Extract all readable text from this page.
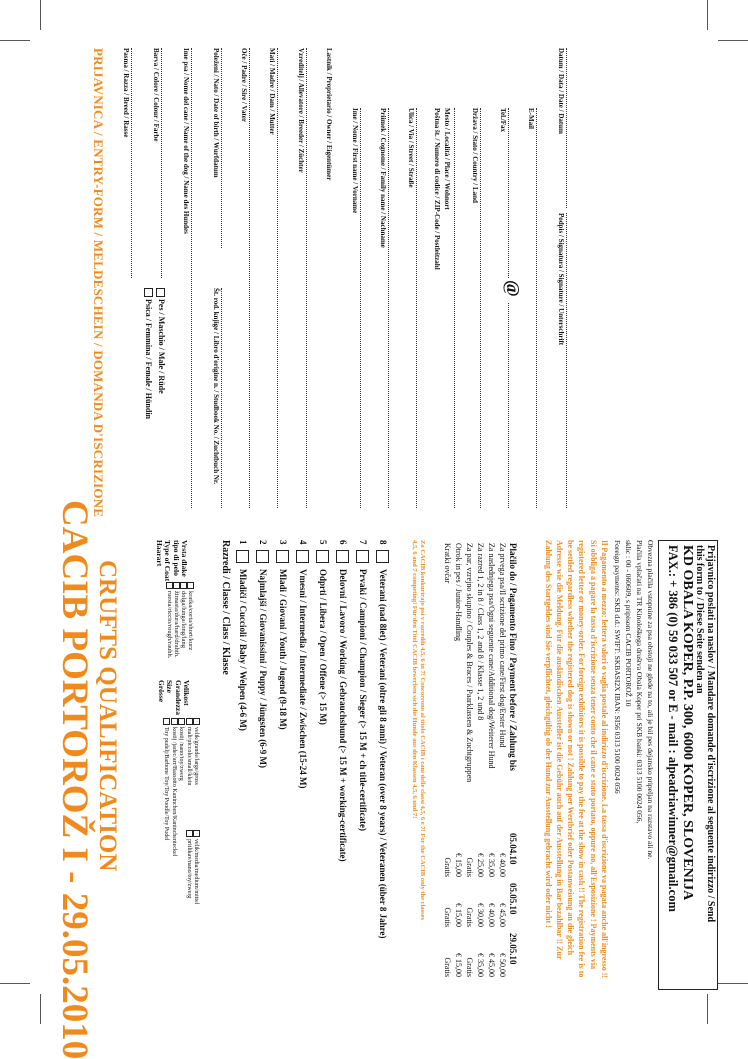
CACIB PORTOROŽ I - 29.05.2010 CRUFTS QUALIFICATION
PRIJAVNICA / ENTRY-FORM / MELDESCHEIN / DOMANDA D'ISCRIZIONE Pasma / Razza / Breed / Rasse	Barva / Colore / Colour / Farbe
Pes / Maschio / Male / Rüde
Psica / Femmina / Female / Hündin
Ime psa / Nome del cane / Name of the dog / Name des Hundes	Poleženi / Nato / Date of birth / Wurfdatum
Št. rod. knjige / Libro d'origine n. / Studbook No. / Zuchtbuch Nr.
Oče / Padre / Sire / Vater	Mati / Madre / Dam / Mutter	Vzreditelj / Allevatore / Breeder / Züchter	Lastnik / Proprietario / Owner / Eigentümer	Ime / Nome / First name / Vorname	Priimek / Cognome / Family name / Nachname	Ulica / Via / Street / Straße	Poštna št. / Numero di codice / ZIP-Code / Postleitzahl Mesto / Località / Place / Wohnort	Država / Stato / Country / Land	Tel./Fax
@
E-Mail	Datum / Data / Date / Datum
Podpis / Signatura / Signature / Unterschrift
Vrsta dlake
tipo di pelo
Type of Coat
Haarart
kratka/corta/short/kurz
dolga/lunga/long/lang
žimasta/dura/hard/drahth.
ruesta/riccio/rough/rauhh.
Velikost
Grandezza
Size
Grösse
velik/grande/large/gross
mali/piccolo/small/klein
kostij /nano/toy/zwerg
kostij /jadec/arr/Bassotto Kaninchen/Kaninchenteckel
Toy pudelj/Barbone Toy/Toy Poodle/Toy Pudel
velik/media/medium/mittel
pritlikav/nano/toy/zwerg
Razredi / Classe / Class / Klasse 1
Mladiči / Cuccioli / Baby / Welpen (4-6 M)
2
Najmlajši / Giovanissimi / Puppy / Jüngsten (6-9 M)
3
Mladi / Giovani / Youth / Jugend (9-18 M)
4
Vmesni / Intermedia / Intermediate / Zwischen (15-24 M)
5
Odprti / Libera / Open / Offene (> 15 M)
6
Delovni / Lavoro / Working / Gebrauchshund (> 15 M + working-certificate)
7
Prvaki / Campioni / Champion / Sieger (> 15 M + ch title-certificate)
8
Veterani (nad 8let) / Veterani (oltre gli 8 anni) / Veteran (over 8 years) / Veteranen (über 8 Jahre)	Za CACIB konkurirajo psi v razredih 4,5, 6 in 7! Concorrono al titolo CACIB i cani delle classi 4,5, 6 e 7! For the CACIB only the classes
4,5, 6 and 7 competing! Für den Titel CACIB bewerben sich die Hunde aus den Klassen 4,5, 6 und 7!	Plačilo do / Pagamento Fino / Payment before / Zahlung bis	05.04.10	05.05.10	29.05.10
Za prvega psa/Il scrizione del primo cane/First dog/Erster Hund	€ 40,00	€ 45,00	€ 50,00
Za naslednjega psa/Ogni seguente cane/Additional dog/Weiterer Hund	€ 35,00	€ 40,00	€ 45,00
Za razred 1, 2 in 8 / Class 1, 2 and 8 / Klasse 1, 2 und 8	€ 25,00	€ 30,00	€ 35,00
Za par, vzrejno skupino / Couples & Braces / Paarklassen & Zuchtgruppen	Gratis	Gratis	Gratis
Otrok in pes / Junior-Handling	€ 15,00	€ 15,00	€ 15,00
Kratki ovčar	Gratis	Gratis	Gratis	Il Pagamento a mezzo: lettera valori o vaglia postale al indirizzo d'iscrizione. La tassa d'iscrizione va pagata anche all'ingresso !! Si obbliga a pagare la tassa d'iscrizione senza tener conto che il cane e stato portato, oppure no, all'Esposizione ! Payments via registered letter or money-order. For foreign exhibitors it is possible to pay the fee at the show in cash !! The registration fee is to be settled regardless whether the registered dog is shown or not ! Zahlung per Wertbrief oder Postanweisung an die gleich Adresse wie die Meldung. Für die ausländischen Aussteller ist die Gebühr auch auf der Ausstellung in Bar bezahlbar !! Zur Zahlung des Startgeldes sind Sie verpflichtet, gleichgültig ob der Hund zur Ausstellung gebracht wird oder nicht !	Obvezna plačila vstopnine za psa obstoji ne glede na to, ali je bil pes dejansko pripeljan na razstavo ali ne.
Plačila vplačati na TR Kinološkega društva Obala Koper pri SKB banki: 0313 5100 0024 056,
sklic : 00 - 060609, s pripisom CACIB PORTOROŽ 10
Foreign payments: SKB d.d.: SWIFT: SKBASI2X IBAN: SI56 0313 5100 0024 056	Prijavnico poslati na naslov / Mandare domande d'iscrizione al seguente indirizzo / Send
this form to / Diese Seite senden an
KD OBALA KOPER, P.P. 300, 6000 KOPER, SLOVENIJA
FAX.: + 386 (0) 59 033 507 or E - mail : alpeadriawinner@gmail.com
